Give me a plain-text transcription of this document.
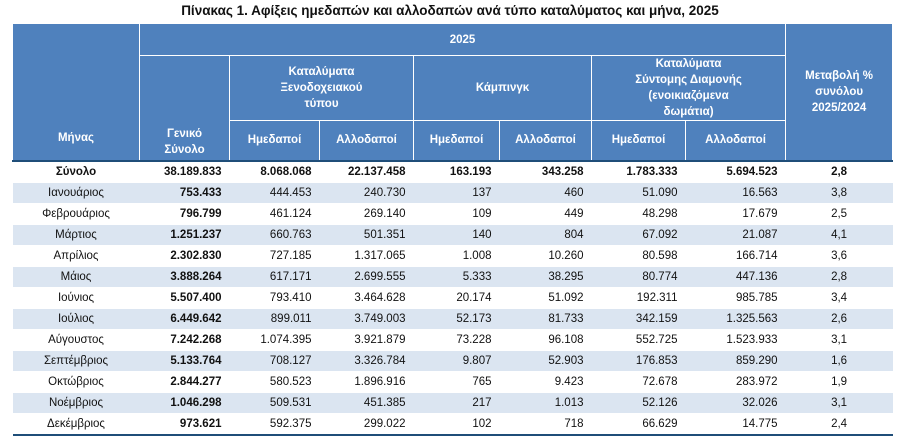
Πίνακας 1. Αφίξεις ημεδαπών και αλλοδαπών ανά τύπο καταλύματος και μήνα, 2025
Μήνας	2025							Μεταβολή % συνόλου 2025/2024
	Γενικό Σύνολο	Καταλύματα Ξενοδοχειακού τύπου		Κάμπινγκ		Καταλύματα Σύντομης Διαμονής (ενοικιαζόμενα δωμάτια)		
		Ημεδαποί	Αλλοδαποί	Ημεδαποί	Αλλοδαποί	Ημεδαποί	Αλλοδαποί	
Σύνολο	38.189.833	8.068.068	22.137.458	163.193	343.258	1.783.333	5.694.523	2,8
Ιανουάριος	753.433	444.453	240.730	137	460	51.090	16.563	3,8
Φεβρουάριος	796.799	461.124	269.140	109	449	48.298	17.679	2,5
Μάρτιος	1.251.237	660.763	501.351	140	804	67.092	21.087	4,1
Απρίλιος	2.302.830	727.185	1.317.065	1.008	10.260	80.598	166.714	3,6
Μάιος	3.888.264	617.171	2.699.555	5.333	38.295	80.774	447.136	2,8
Ιούνιος	5.507.400	793.410	3.464.628	20.174	51.092	192.311	985.785	3,4
Ιούλιος	6.449.642	899.011	3.749.003	52.173	81.733	342.159	1.325.563	2,6
Αύγουστος	7.242.268	1.074.395	3.921.879	73.228	96.108	552.725	1.523.933	3,1
Σεπτέμβριος	5.133.764	708.127	3.326.784	9.807	52.903	176.853	859.290	1,6
Οκτώβριος	2.844.277	580.523	1.896.916	765	9.423	72.678	283.972	1,9
Νοέμβριος	1.046.298	509.531	451.385	217	1.013	52.126	32.026	3,1
Δεκέμβριος	973.621	592.375	299.022	102	718	66.629	14.775	2,4
